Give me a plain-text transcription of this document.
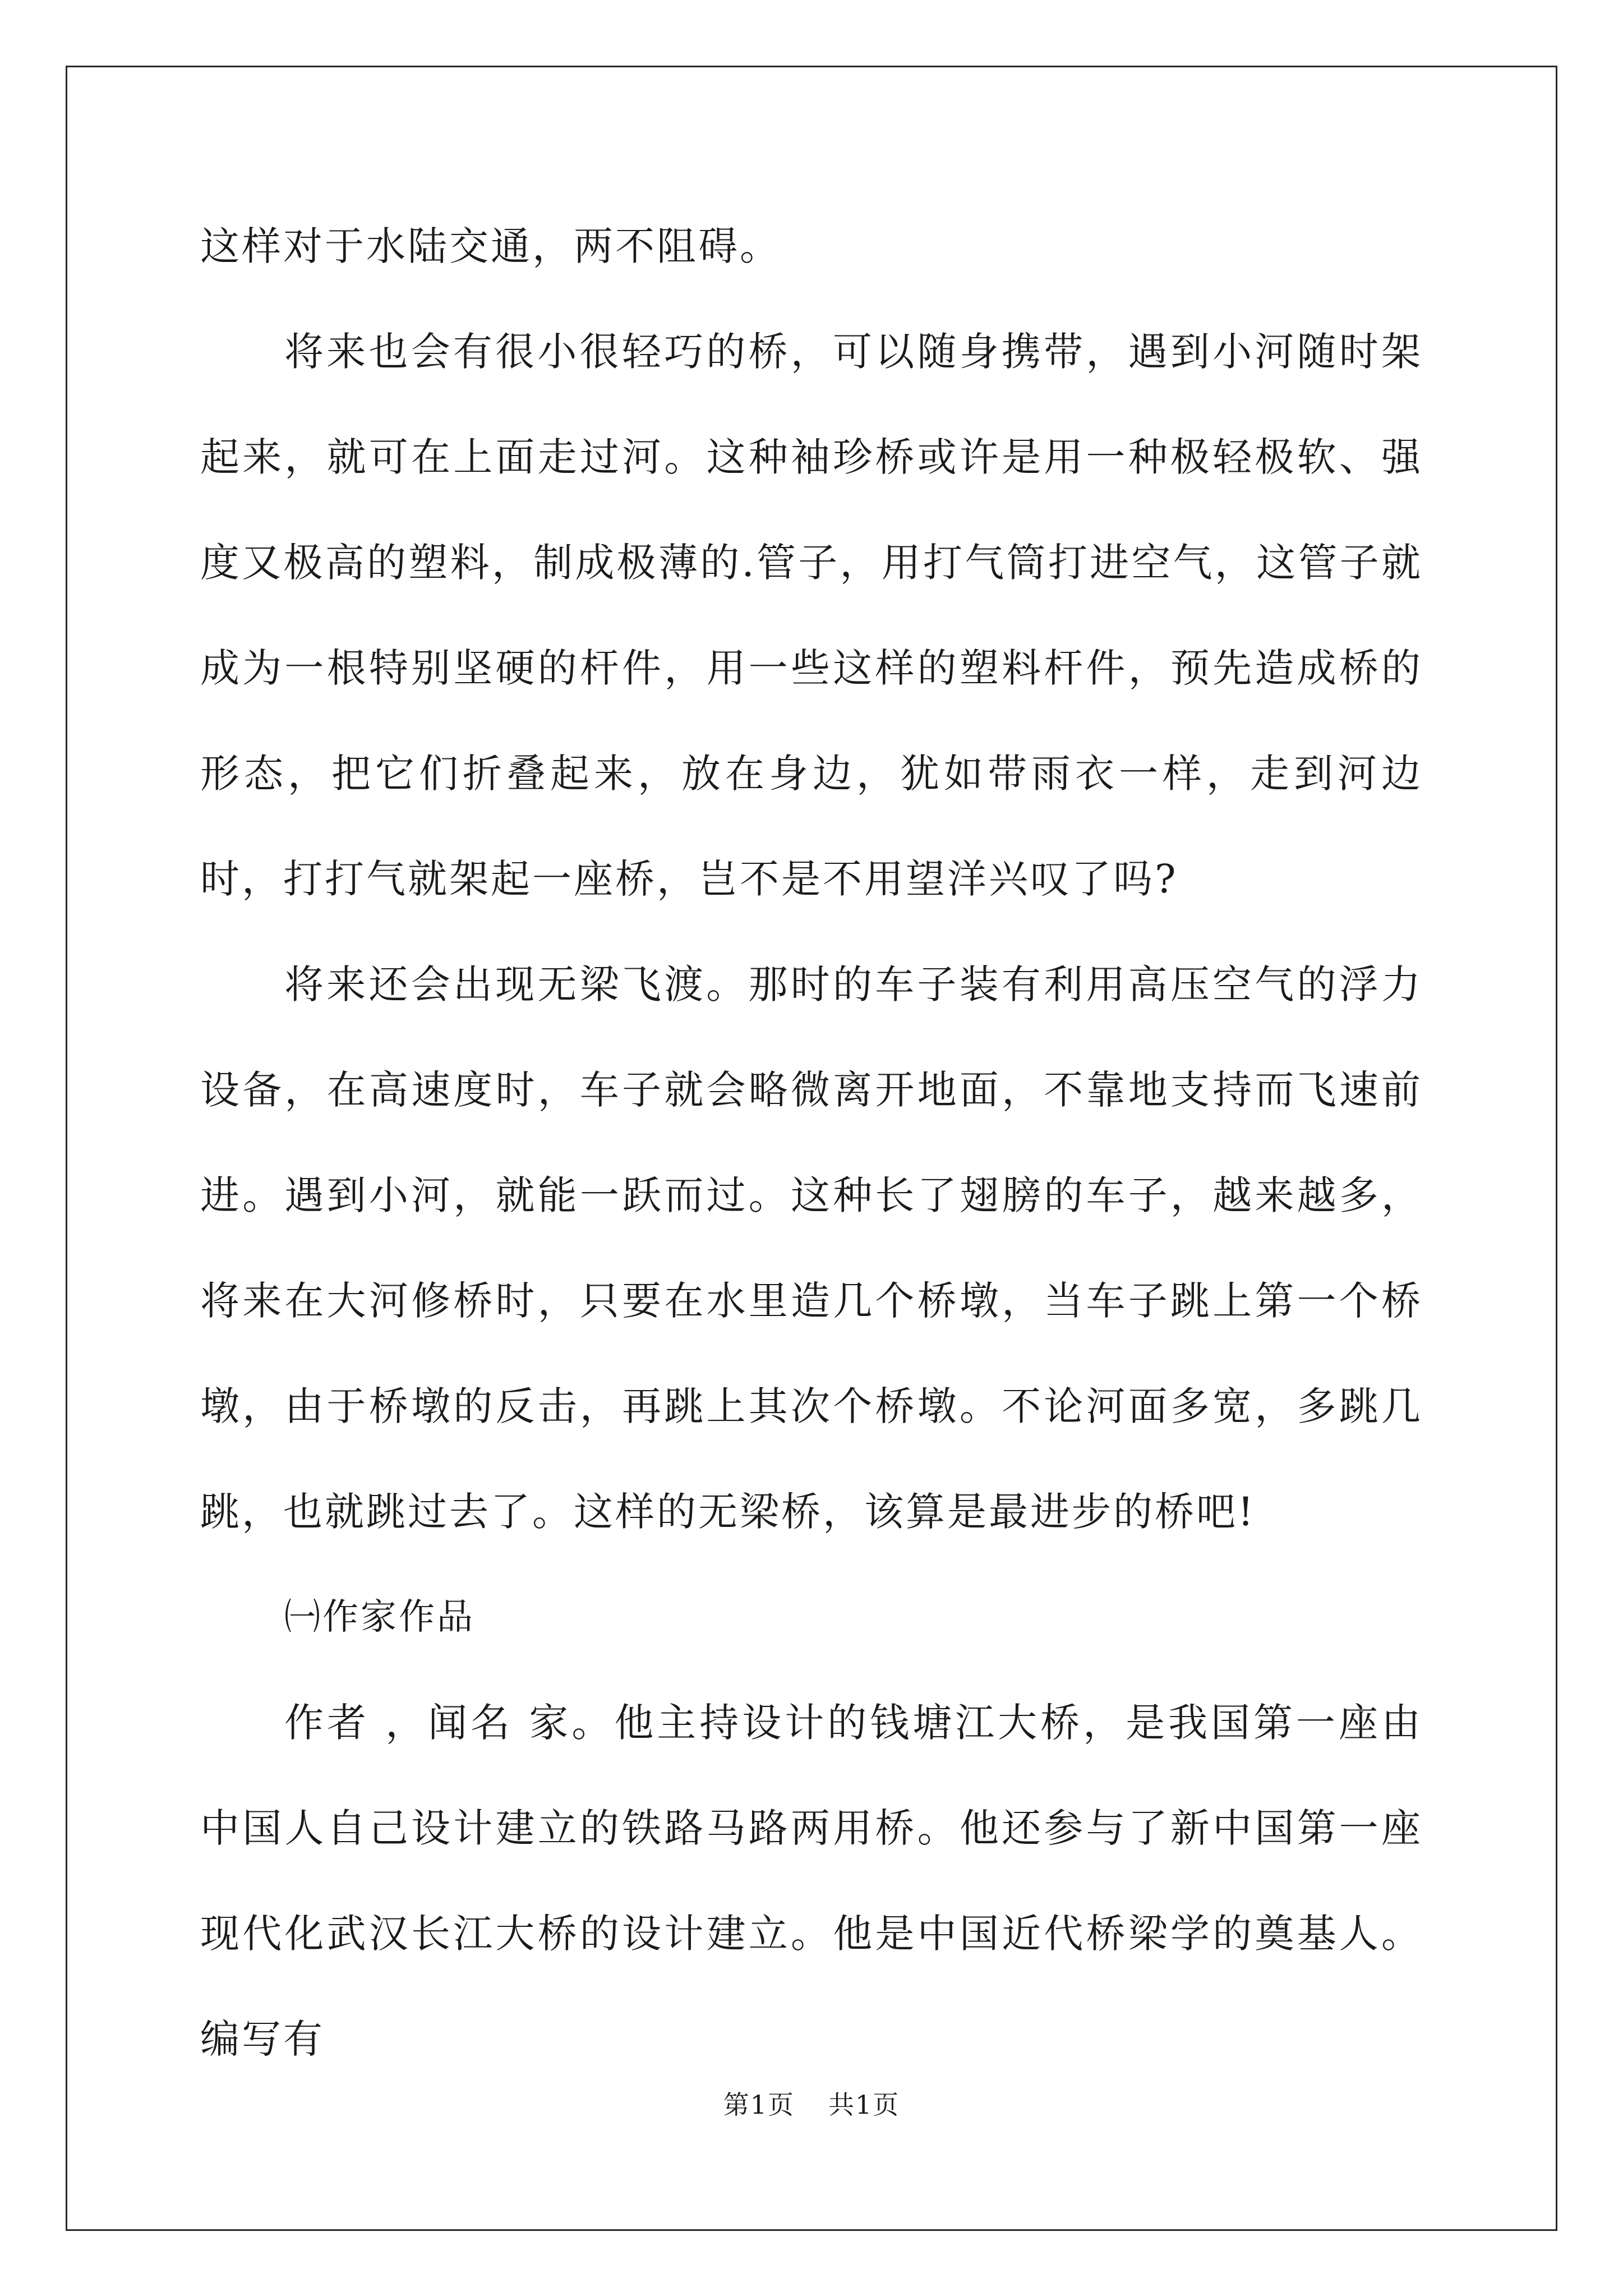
这样对于水陆交通，两不阻碍。

将来也会有很小很轻巧的桥，可以随身携带，遇到小河随时架起来，就可在上面走过河。这种袖珍桥或许是用一种极轻极软、强度又极高的塑料，制成极薄的.管子，用打气筒打进空气，这管子就成为一根特别坚硬的杆件，用一些这样的塑料杆件，预先造成桥的形态，把它们折叠起来，放在身边，犹如带雨衣一样，走到河边时，打打气就架起一座桥，岂不是不用望洋兴叹了吗?

将来还会出现无梁飞渡。那时的车子装有利用高压空气的浮力设备，在高速度时，车子就会略微离开地面，不靠地支持而飞速前进。遇到小河，就能一跃而过。这种长了翅膀的车子，越来越多，将来在大河修桥时，只要在水里造几个桥墩，当车子跳上第一个桥墩，由于桥墩的反击，再跳上其次个桥墩。不论河面多宽，多跳几跳，也就跳过去了。这样的无梁桥，该算是最进步的桥吧!

㈠作家作品

作者 ，闻名 家。他主持设计的钱塘江大桥，是我国第一座由中国人自己设计建立的铁路马路两用桥。他还参与了新中国第一座现代化武汉长江大桥的设计建立。他是中国近代桥梁学的奠基人。编写有

第1页 共1页
